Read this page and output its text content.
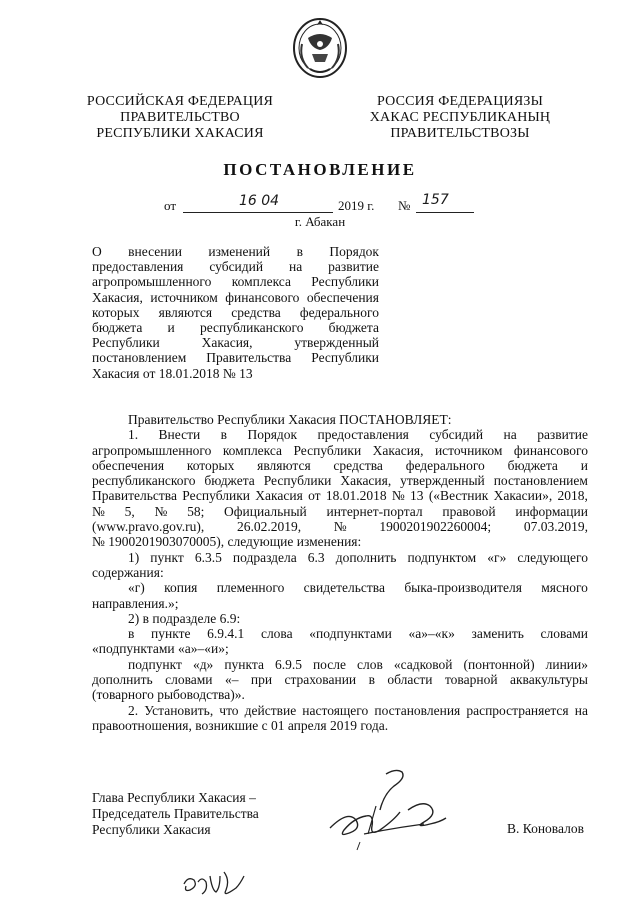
РОССИЙСКАЯ ФЕДЕРАЦИЯ
ПРАВИТЕЛЬСТВО
РЕСПУБЛИКИ ХАКАСИЯ
РОССИЯ ФЕДЕРАЦИЯЗЫ
ХАКАС РЕСПУБЛИКАНЫҢ
ПРАВИТЕЛЬСТВОЗЫ
ПОСТАНОВЛЕНИЕ
от	16 04	2019 г. № 157
г. Абакан
О внесении изменений в Порядок
предоставления субсидий на развитие
агропромышленного комплекса Республики
Хакасия, источником финансового обеспечения
которых являются средства федерального
бюджета и республиканского бюджета
Республики	Хакасия,	утвержденный
постановлением Правительства Республики
Хакасия от 18.01.2018 № 13
Правительство Республики Хакасия ПОСТАНОВЛЯЕТ:
1. Внести в Порядок предоставления субсидий на развитие
агропромышленного комплекса Республики Хакасия, источником финансового
обеспечения которых являются средства федерального бюджета и
республиканского бюджета Республики Хакасия, утвержденный постановлением
Правительства Республики Хакасия от 18.01.2018 № 13 («Вестник Хакасии», 2018,
№ 5, № 58; Официальный интернет-портал правовой информации
(www.pravo.gov.ru), 26.02.2019, № 1900201902260004; 07.03.2019,
№ 1900201903070005), следующие изменения:
1) пункт 6.3.5 подраздела 6.3 дополнить подпунктом «г» следующего
содержания:
«г) копия племенного свидетельства быка-производителя мясного
направления.»;
2) в подразделе 6.9:
в пункте 6.9.4.1 слова «подпунктами «а»–«к» заменить словами
«подпунктами «а»–«и»;
подпункт «д» пункта 6.9.5 после слов «садковой (понтонной) линии»
дополнить словами «– при страховании в области товарной аквакультуры
(товарного рыбоводства)».
2. Установить, что действие настоящего постановления распространяется на
правоотношения, возникшие с 01 апреля 2019 года.
Глава Республики Хакасия –
Председатель Правительства
Республики Хакасия	В. Коновалов
